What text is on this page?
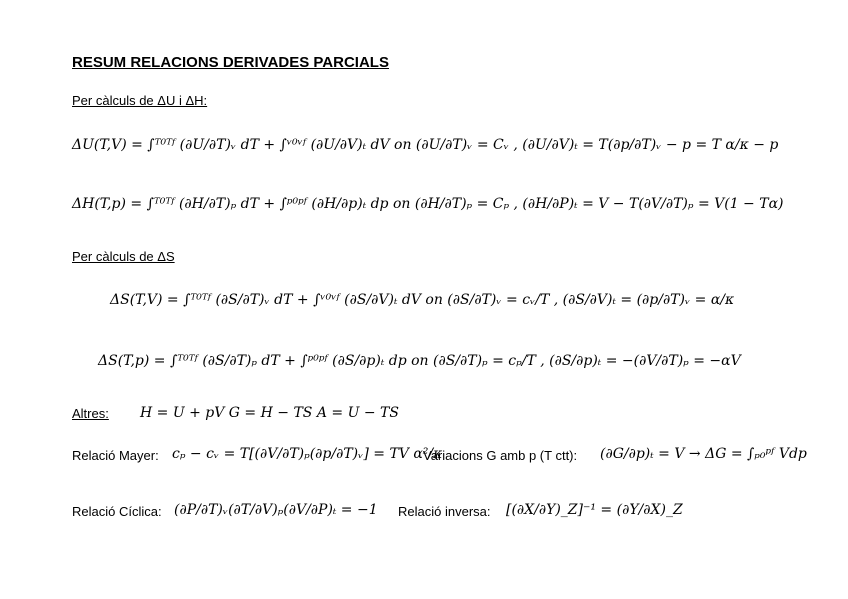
RESUM RELACIONS DERIVADES PARCIALS
Per càlculs de ΔU i ΔH:
ΔU(T,V) = ∫ᵀ⁰ᵀᶠ (∂U/∂T)ᵥ dT + ∫ᵛ⁰ᵛᶠ (∂U/∂V)ₜ dV on (∂U/∂T)ᵥ = Cᵥ , (∂U/∂V)ₜ = T(∂p/∂T)ᵥ − p = T α/κ − p
ΔH(T,p) = ∫ᵀ⁰ᵀᶠ (∂H/∂T)ₚ dT + ∫ᵖ⁰ᵖᶠ (∂H/∂p)ₜ dp on (∂H/∂T)ₚ = Cₚ , (∂H/∂P)ₜ = V − T(∂V/∂T)ₚ = V(1 − Tα)
Per càlculs de ΔS
ΔS(T,V) = ∫ᵀ⁰ᵀᶠ (∂S/∂T)ᵥ dT + ∫ᵛ⁰ᵛᶠ (∂S/∂V)ₜ dV on (∂S/∂T)ᵥ = cᵥ/T , (∂S/∂V)ₜ = (∂p/∂T)ᵥ = α/κ
ΔS(T,p) = ∫ᵀ⁰ᵀᶠ (∂S/∂T)ₚ dT + ∫ᵖ⁰ᵖᶠ (∂S/∂p)ₜ dp on (∂S/∂T)ₚ = cₚ/T , (∂S/∂p)ₜ = −(∂V/∂T)ₚ = −αV
Altres: H = U + pV G = H − TS A = U − TS
Relació Mayer: cₚ − cᵥ = T[(∂V/∂T)ₚ(∂p/∂T)ᵥ] = TV α²/κ
Variacions G amb p (T ctt): (∂G/∂p)ₜ = V → ΔG = ∫ₚ₀ᵖᶠ Vdp
Relació Cíclica: (∂P/∂T)ᵥ(∂T/∂V)ₚ(∂V/∂P)ₜ = −1 Relació inversa: [(∂X/∂Y)_Z]⁻¹ = (∂Y/∂X)_Z
